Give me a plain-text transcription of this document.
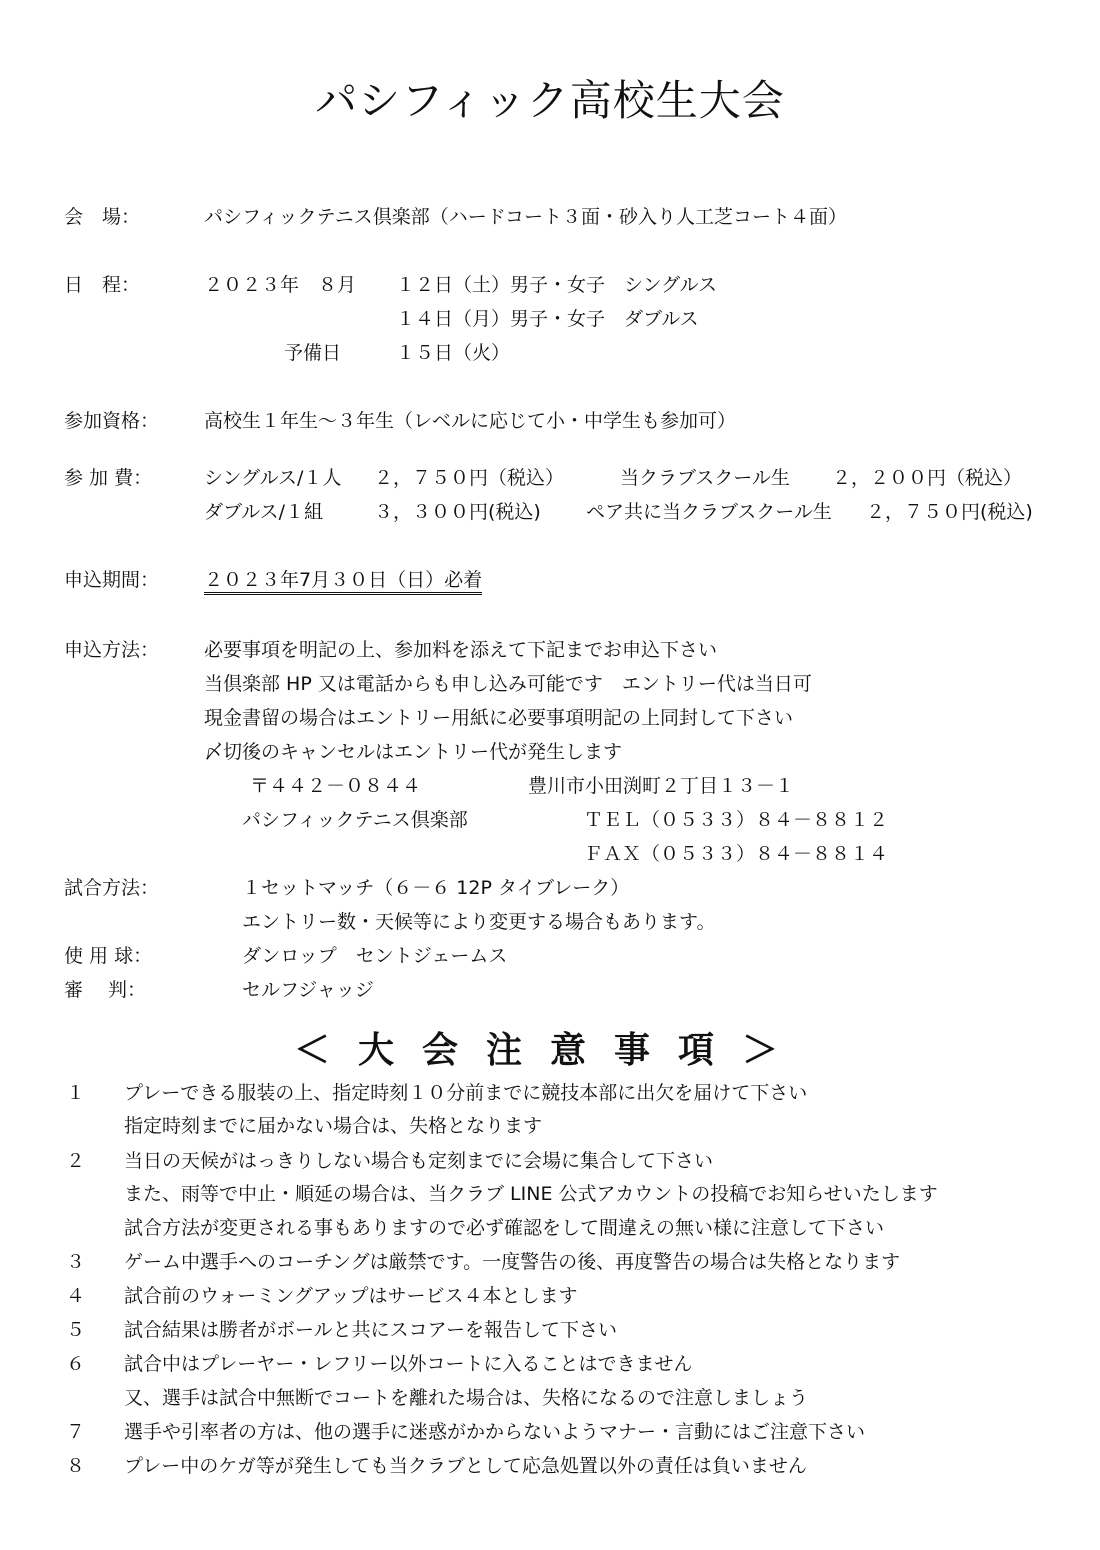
パシフィック高校生大会
会　場：	パシフィックテニス倶楽部（ハードコート３面・砂入り人工芝コート４面）
日　程：	２０２３年　８月 １２日（土）男子・女子　シングルス
１４日（月）男子・女子　ダブルス
予備日	１５日（火）
参加資格： 高校生１年生～３年生（レベルに応じて小・中学生も参加可）
参 加 費：	シングルス/１人 ２，７５０円（税込）	当クラブスクール生 ２，２００円（税込）
ダブルス/１組	３，３００円(税込) ペア共に当クラブスクール生 ２，７５０円(税込)
申込期間： ２０２３年7月３０日（日）必着
申込方法： 必要事項を明記の上、参加料を添えて下記までお申込下さい
当倶楽部 HP 又は電話からも申し込み可能です　エントリー代は当日可
現金書留の場合はエントリー用紙に必要事項明記の上同封して下さい
〆切後のキャンセルはエントリー代が発生します
〒４４２－０８４４	豊川市小田渕町２丁目１３－１
パシフィックテニス倶楽部	ＴＥＬ（０５３３）８４－８８１２
ＦＡＸ（０５３３）８４－８８１４
試合方法：	１セットマッチ（６－６ 12P タイブレーク）
エントリー数・天候等により変更する場合もあります。
使 用 球：	ダンロップ　セントジェームス
審　 判：	セルフジャッジ
＜大会注意事項＞
１ プレーできる服装の上、指定時刻１０分前までに競技本部に出欠を届けて下さい
指定時刻までに届かない場合は、失格となります
２ 当日の天候がはっきりしない場合も定刻までに会場に集合して下さい
また、雨等で中止・順延の場合は、当クラブ LINE 公式アカウントの投稿でお知らせいたします
試合方法が変更される事もありますので必ず確認をして間違えの無い様に注意して下さい
３ ゲーム中選手へのコーチングは厳禁です。一度警告の後、再度警告の場合は失格となります
４ 試合前のウォーミングアップはサービス４本とします
５ 試合結果は勝者がボールと共にスコアーを報告して下さい
６ 試合中はプレーヤー・レフリー以外コートに入ることはできません
又、選手は試合中無断でコートを離れた場合は、失格になるので注意しましょう
７ 選手や引率者の方は、他の選手に迷惑がかからないようマナー・言動にはご注意下さい
８ プレー中のケガ等が発生しても当クラブとして応急処置以外の責任は負いません
